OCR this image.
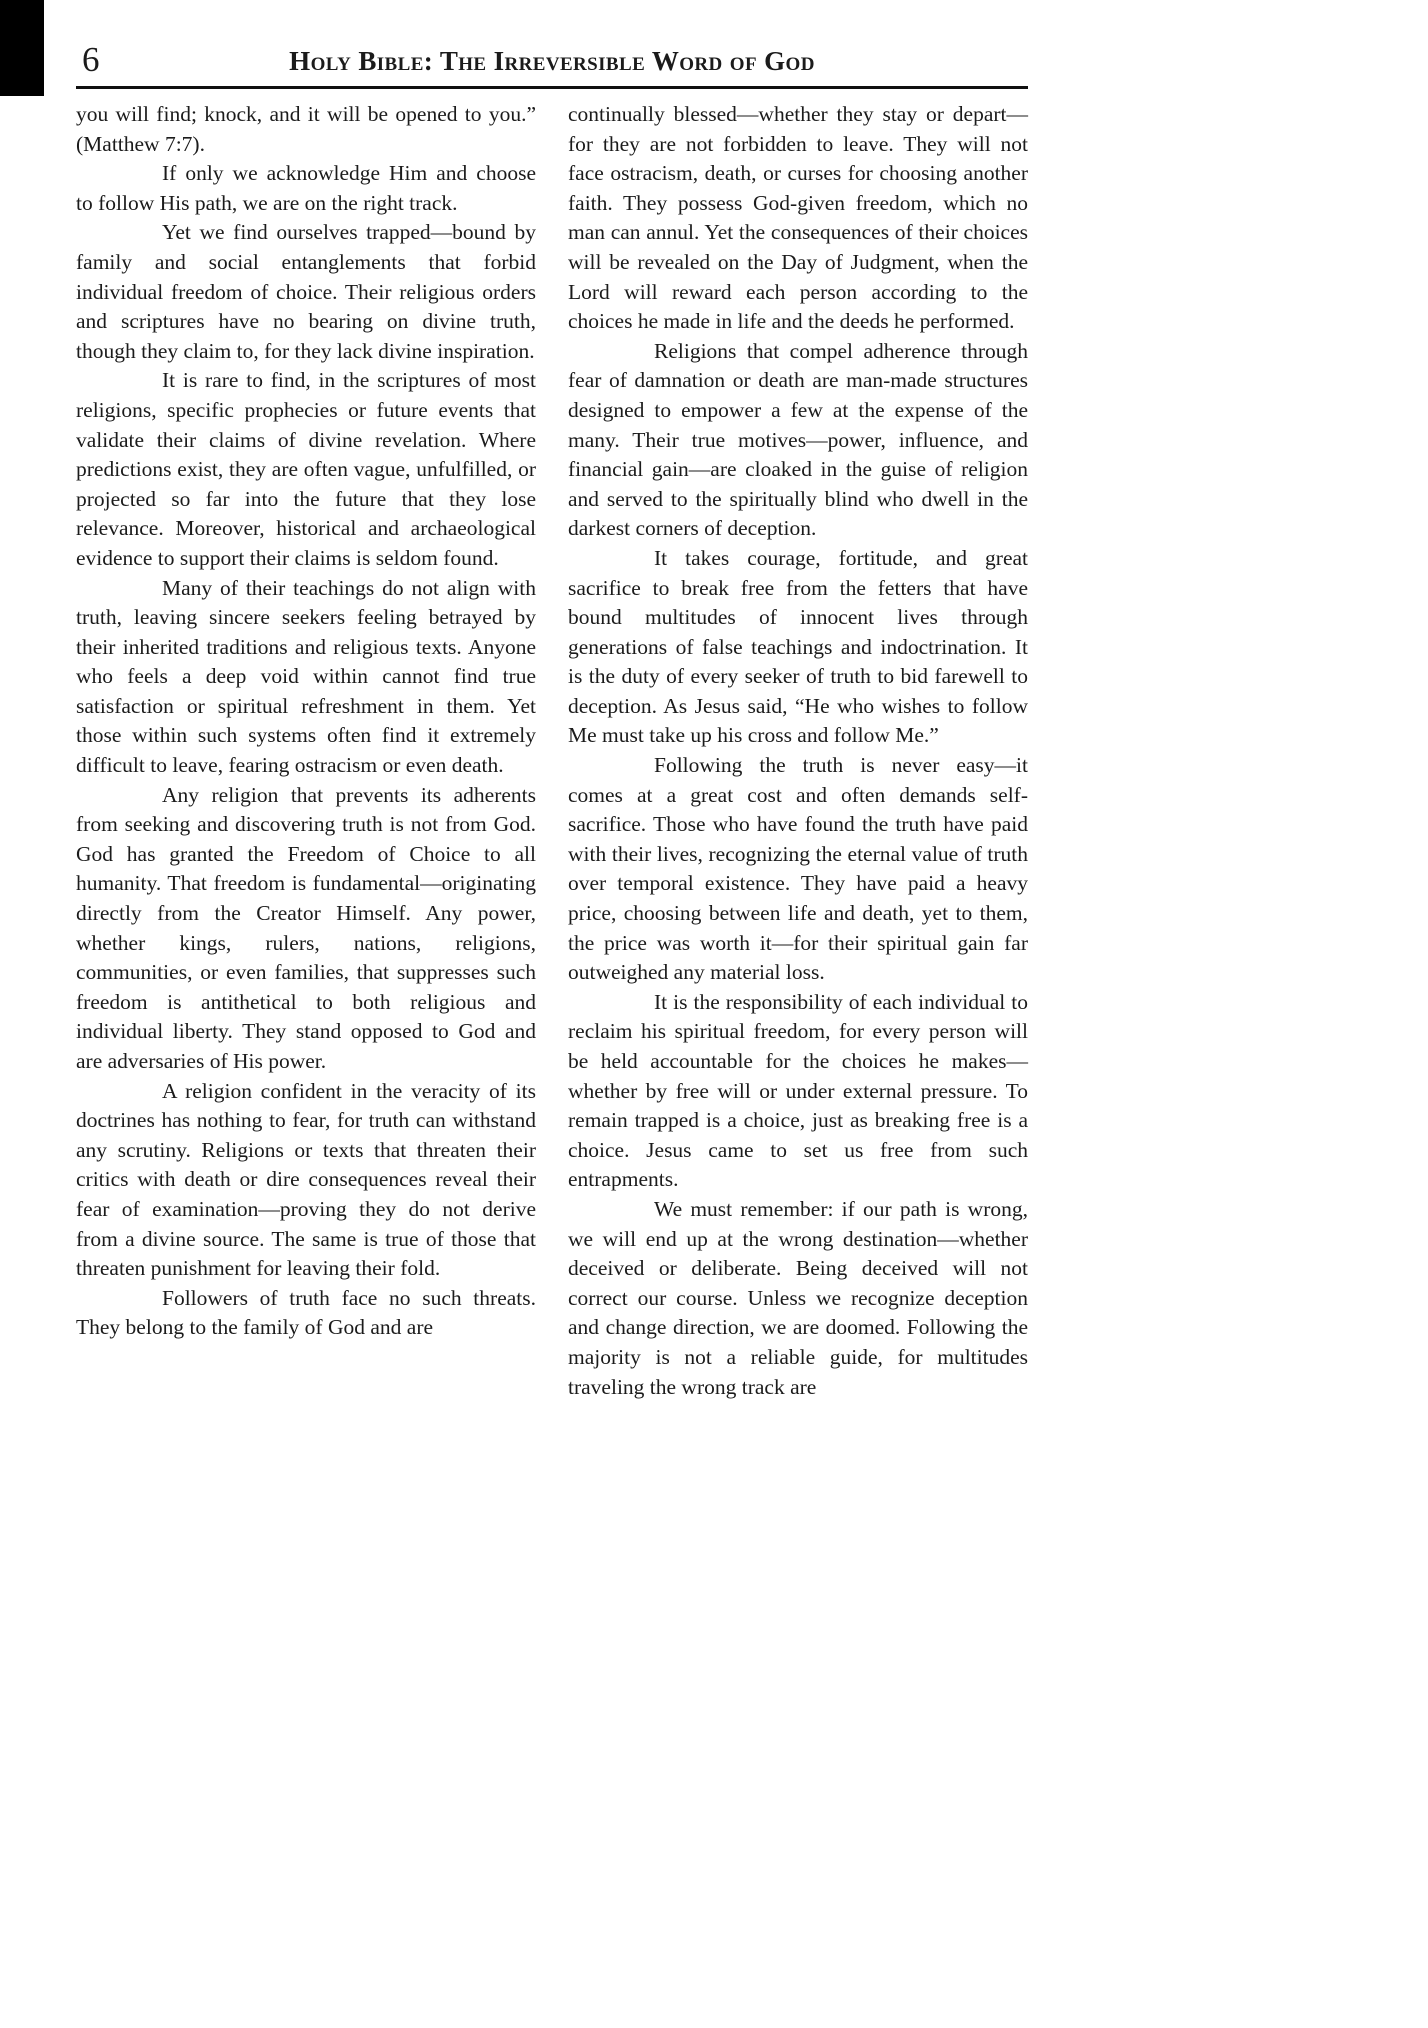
6	Holy Bible: The Irreversible Word of God

you will find; knock, and it will be opened to you.” (Matthew 7:7).

If only we acknowledge Him and choose to follow His path, we are on the right track.

Yet we find ourselves trapped—bound by family and social entanglements that forbid individual freedom of choice. Their religious orders and scriptures have no bearing on divine truth, though they claim to, for they lack divine inspiration.

It is rare to find, in the scriptures of most religions, specific prophecies or future events that validate their claims of divine revelation. Where predictions exist, they are often vague, unfulfilled, or projected so far into the future that they lose relevance. Moreover, historical and archaeological evidence to support their claims is seldom found.

Many of their teachings do not align with truth, leaving sincere seekers feeling betrayed by their inherited traditions and religious texts. Anyone who feels a deep void within cannot find true satisfaction or spiritual refreshment in them. Yet those within such systems often find it extremely difficult to leave, fearing ostracism or even death.

Any religion that prevents its adherents from seeking and discovering truth is not from God. God has granted the Freedom of Choice to all humanity. That freedom is fundamental—originating directly from the Creator Himself. Any power, whether kings, rulers, nations, religions, communities, or even families, that suppresses such freedom is antithetical to both religious and individual liberty. They stand opposed to God and are adversaries of His power.

A religion confident in the veracity of its doctrines has nothing to fear, for truth can withstand any scrutiny. Religions or texts that threaten their critics with death or dire consequences reveal their fear of examination—proving they do not derive from a divine source. The same is true of those that threaten punishment for leaving their fold.

Followers of truth face no such threats. They belong to the family of God and are

continually blessed—whether they stay or depart—for they are not forbidden to leave. They will not face ostracism, death, or curses for choosing another faith. They possess God-given freedom, which no man can annul. Yet the consequences of their choices will be revealed on the Day of Judgment, when the Lord will reward each person according to the choices he made in life and the deeds he performed.

Religions that compel adherence through fear of damnation or death are man-made structures designed to empower a few at the expense of the many. Their true motives—power, influence, and financial gain—are cloaked in the guise of religion and served to the spiritually blind who dwell in the darkest corners of deception.

It takes courage, fortitude, and great sacrifice to break free from the fetters that have bound multitudes of innocent lives through generations of false teachings and indoctrination. It is the duty of every seeker of truth to bid farewell to deception. As Jesus said, “He who wishes to follow Me must take up his cross and follow Me.”

Following the truth is never easy—it comes at a great cost and often demands self-sacrifice. Those who have found the truth have paid with their lives, recognizing the eternal value of truth over temporal existence. They have paid a heavy price, choosing between life and death, yet to them, the price was worth it—for their spiritual gain far outweighed any material loss.

It is the responsibility of each individual to reclaim his spiritual freedom, for every person will be held accountable for the choices he makes—whether by free will or under external pressure. To remain trapped is a choice, just as breaking free is a choice. Jesus came to set us free from such entrapments.

We must remember: if our path is wrong, we will end up at the wrong destination—whether deceived or deliberate. Being deceived will not correct our course. Unless we recognize deception and change direction, we are doomed. Following the majority is not a reliable guide, for multitudes traveling the wrong track are
